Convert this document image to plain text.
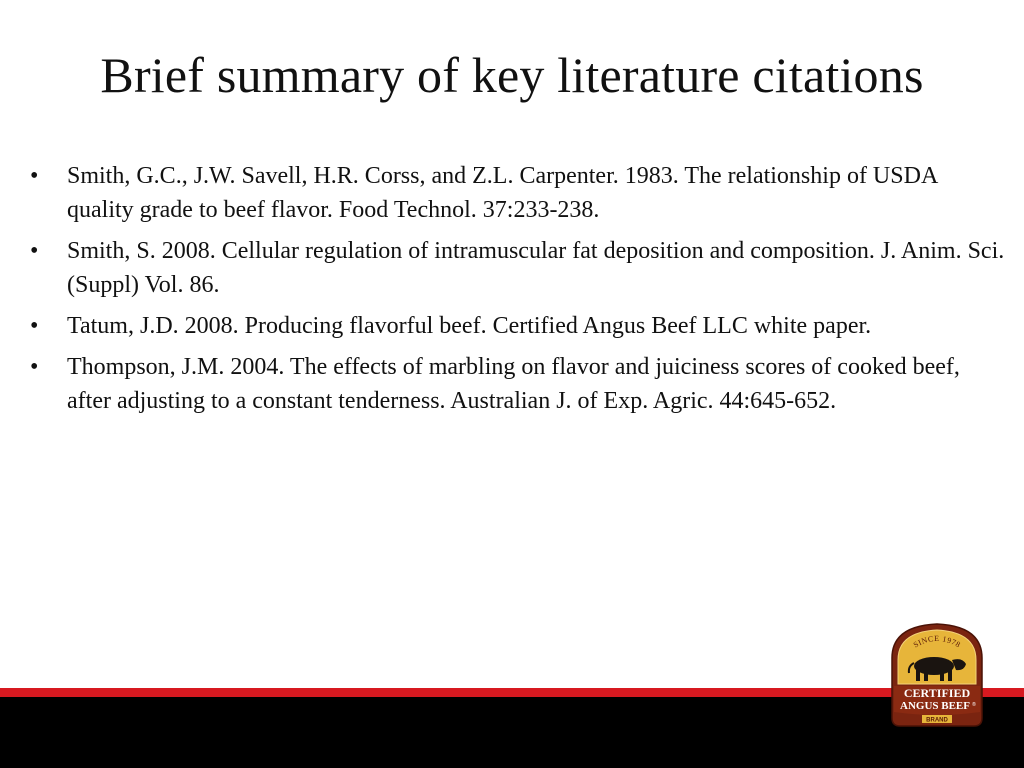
Brief summary of key literature citations
•	Smith, G.C., J.W. Savell, H.R. Corss, and Z.L. Carpenter. 1983. The relationship of USDA quality grade to beef flavor. Food Technol. 37:233-238.
•	Smith, S. 2008. Cellular regulation of intramuscular fat deposition and composition. J. Anim. Sci. (Suppl) Vol. 86.
•	Tatum, J.D. 2008. Producing flavorful beef. Certified Angus Beef LLC white paper.
•	Thompson, J.M. 2004. The effects of marbling on flavor and juiciness scores of cooked beef, after adjusting to a constant tenderness. Australian J. of Exp. Agric. 44:645-652.
SINCE 1978
CERTIFIED
ANGUS BEEF ®
BRAND
